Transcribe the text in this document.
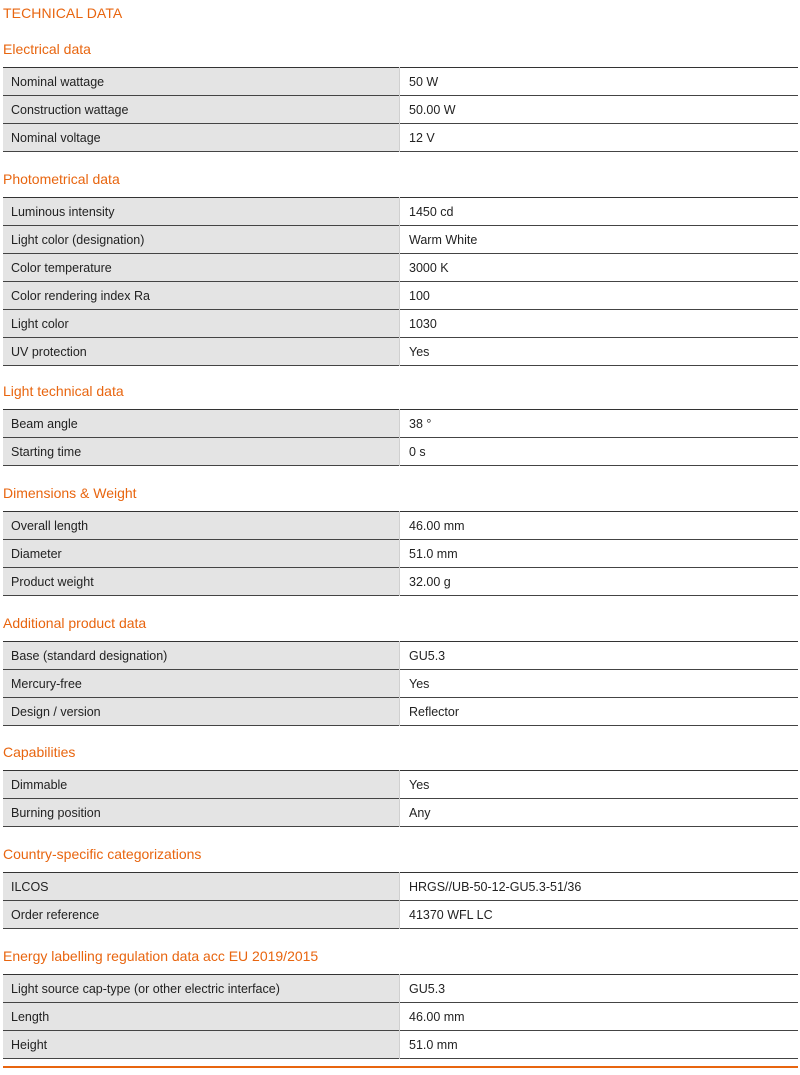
TECHNICAL DATA
Electrical data
Nominal wattage	50 W
Construction wattage	50.00 W
Nominal voltage	12 V
Photometrical data
Luminous intensity	1450 cd
Light color (designation)	Warm White
Color temperature	3000 K
Color rendering index Ra	100
Light color	1030
UV protection	Yes
Light technical data
Beam angle	38 °
Starting time	0 s
Dimensions & Weight
Overall length	46.00 mm
Diameter	51.0 mm
Product weight	32.00 g
Additional product data
Base (standard designation)	GU5.3
Mercury-free	Yes
Design / version	Reflector
Capabilities
Dimmable	Yes
Burning position	Any
Country-specific categorizations
ILCOS	HRGS//UB-50-12-GU5.3-51/36
Order reference	41370 WFL LC
Energy labelling regulation data acc EU 2019/2015
Light source cap-type (or other electric interface)	GU5.3
Length	46.00 mm
Height	51.0 mm
